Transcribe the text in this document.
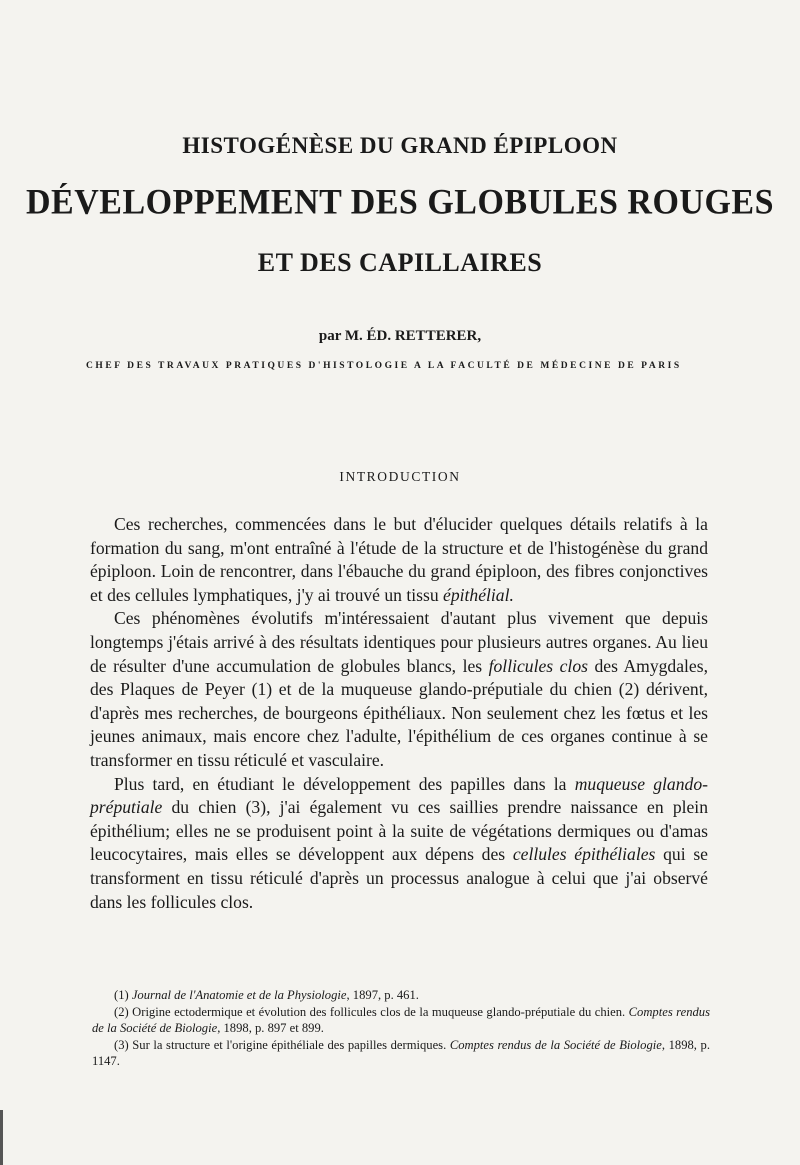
HISTOGÉNÈSE DU GRAND ÉPIPLOON
DÉVELOPPEMENT DES GLOBULES ROUGES
ET DES CAPILLAIRES
par M. ÉD. RETTERER,
CHEF DES TRAVAUX PRATIQUES D'HISTOLOGIE A LA FACULTÉ DE MÉDECINE DE PARIS
INTRODUCTION

Ces recherches, commencées dans le but d'élucider quelques détails relatifs à la formation du sang, m'ont entraîné à l'étude de la structure et de l'histogénèse du grand épiploon. Loin de rencontrer, dans l'ébauche du grand épiploon, des fibres conjonctives et des cellules lymphatiques, j'y ai trouvé un tissu épithélial.

Ces phénomènes évolutifs m'intéressaient d'autant plus vivement que depuis longtemps j'étais arrivé à des résultats identiques pour plusieurs autres organes. Au lieu de résulter d'une accumulation de globules blancs, les follicules clos des Amygdales, des Plaques de Peyer (1) et de la muqueuse glando-préputiale du chien (2) dérivent, d'après mes recherches, de bourgeons épithéliaux. Non seulement chez les fœtus et les jeunes animaux, mais encore chez l'adulte, l'épithélium de ces organes continue à se transformer en tissu réticulé et vasculaire.

Plus tard, en étudiant le développement des papilles dans la muqueuse glando-préputiale du chien (3), j'ai également vu ces saillies prendre naissance en plein épithélium; elles ne se produisent point à la suite de végétations dermiques ou d'amas leucocytaires, mais elles se développent aux dépens des cellules épithéliales qui se transforment en tissu réticulé d'après un processus analogue à celui que j'ai observé dans les follicules clos.

(1) Journal de l'Anatomie et de la Physiologie, 1897, p. 461.

(2) Origine ectodermique et évolution des follicules clos de la muqueuse glando-préputiale du chien. Comptes rendus de la Société de Biologie, 1898, p. 897 et 899.

(3) Sur la structure et l'origine épithéliale des papilles dermiques. Comptes rendus de la Société de Biologie, 1898, p. 1147.
